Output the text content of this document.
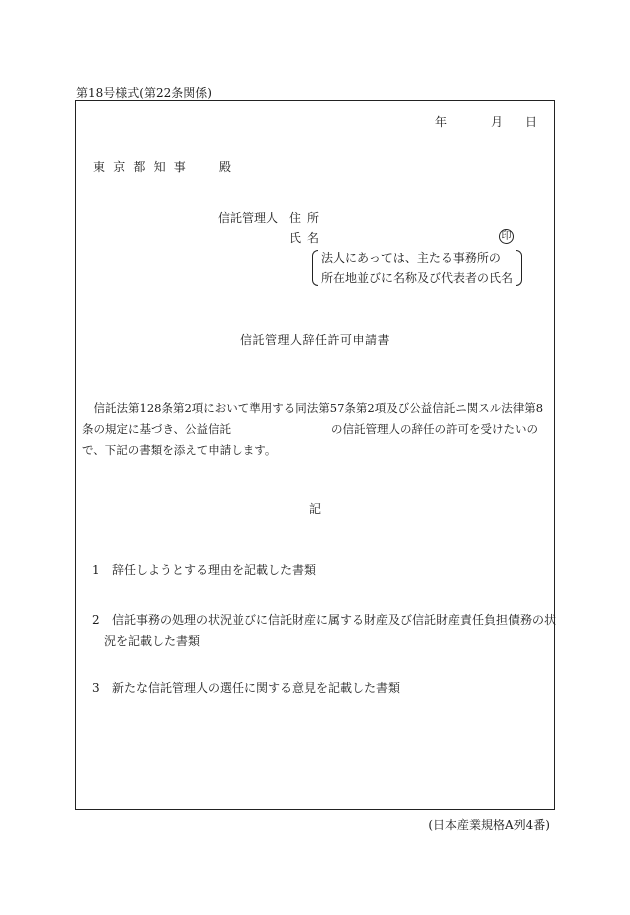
第18号様式(第22条関係)
年	月 日
東京都知事 殿
信託管理人 住所
氏名	印
法人にあっては、主たる事務所の
所在地並びに名称及び代表者の氏名
信託管理人辞任許可申請書

　信託法第128条第2項において準用する同法第57条第2項及び公益信託ニ関スル法律第8

条の規定に基づき、公益信託	の信託管理人の辞任の許可を受けたいの

で、下記の書類を添えて申請します。

記
1 辞任しようとする理由を記載した書類
2 信託事務の処理の状況並びに信託財産に属する財産及び信託財産責任負担債務の状
況を記載した書類
3 新たな信託管理人の選任に関する意見を記載した書類
(日本産業規格A列4番)
